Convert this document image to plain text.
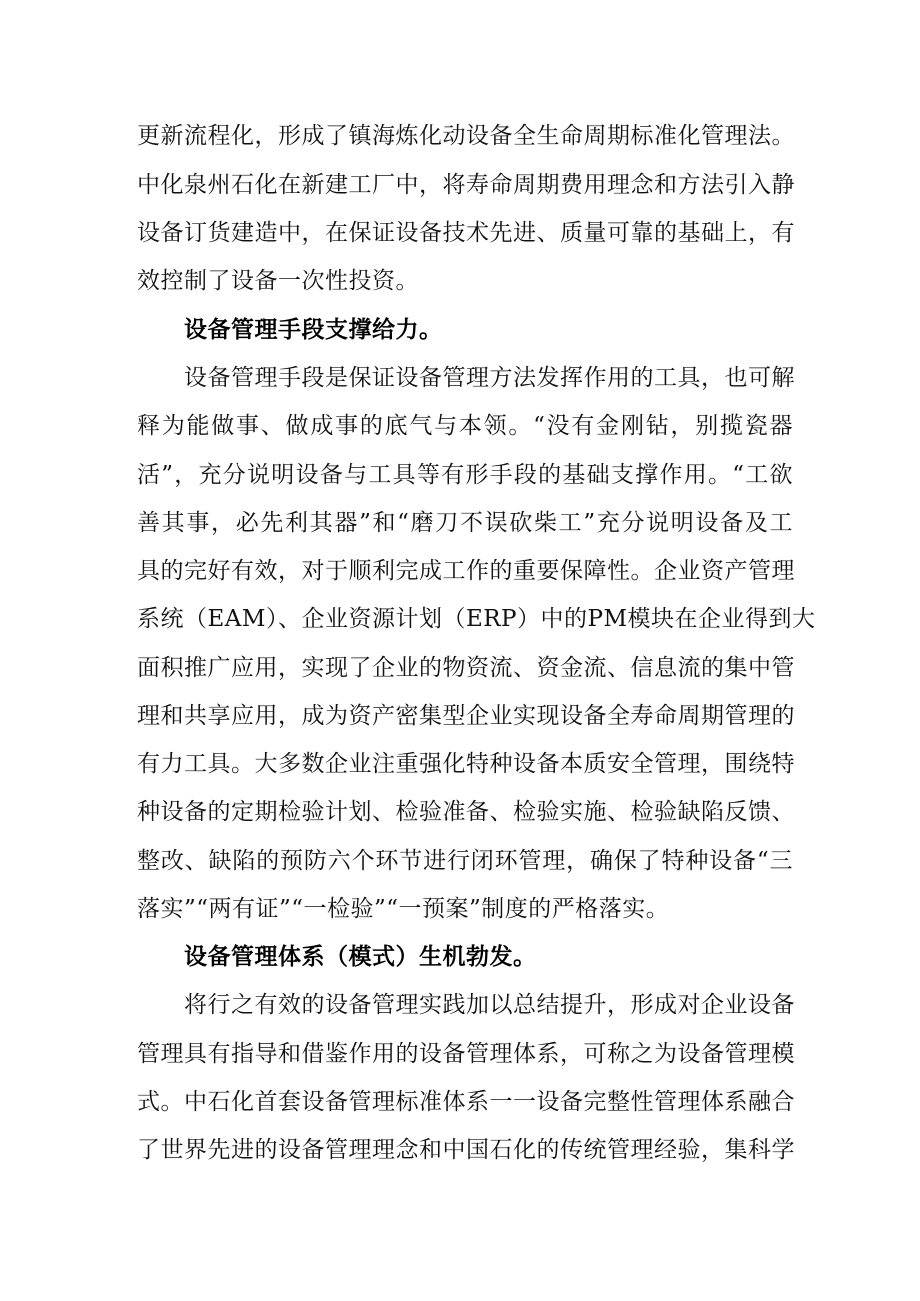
更新流程化，形成了镇海炼化动设备全生命周期标准化管理法。
中化泉州石化在新建工厂中，将寿命周期费用理念和方法引入静
设备订货建造中，在保证设备技术先进、质量可靠的基础上，有
效控制了设备一次性投资。
设备管理手段支撑给力。
设备管理手段是保证设备管理方法发挥作用的工具，也可解
释为能做事、做成事的底气与本领。“没有金刚钻，别揽瓷器
活”，充分说明设备与工具等有形手段的基础支撑作用。“工欲
善其事，必先利其器”和“磨刀不误砍柴工”充分说明设备及工
具的完好有效，对于顺利完成工作的重要保障性。企业资产管理
系统（EAM）、企业资源计划（ERP）中的PM模块在企业得到大
面积推广应用，实现了企业的物资流、资金流、信息流的集中管
理和共享应用，成为资产密集型企业实现设备全寿命周期管理的
有力工具。大多数企业注重强化特种设备本质安全管理，围绕特
种设备的定期检验计划、检验准备、检验实施、检验缺陷反馈、
整改、缺陷的预防六个环节进行闭环管理，确保了特种设备“三
落实”“两有证”“一检验”“一预案”制度的严格落实。
设备管理体系（模式）生机勃发。
将行之有效的设备管理实践加以总结提升，形成对企业设备
管理具有指导和借鉴作用的设备管理体系，可称之为设备管理模
式。中石化首套设备管理标准体系一一设备完整性管理体系融合
了世界先进的设备管理理念和中国石化的传统管理经验，集科学
